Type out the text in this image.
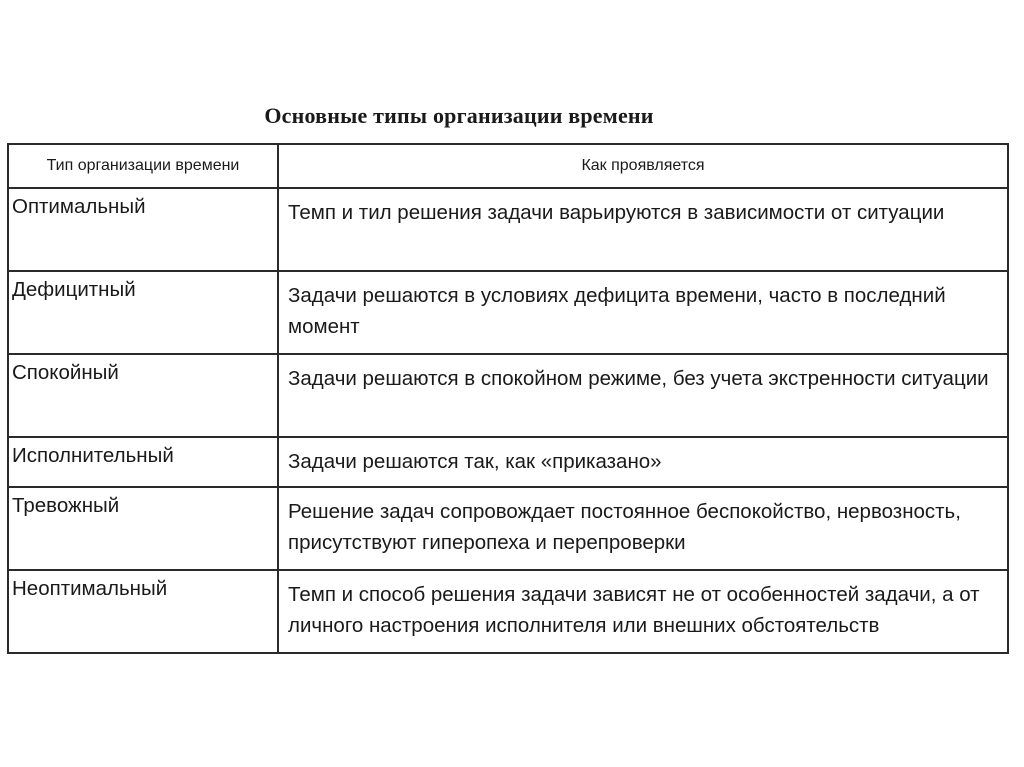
Основные типы организации времени
Тип организации времени	Как проявляется
Оптимальный	Темп и тил решения задачи варьируются в зависимости от ситуации
Дефицитный	Задачи решаются в условиях дефицита времени, часто в последний момент
Спокойный	Задачи решаются в спокойном режиме, без учета экстренности ситуации
Исполнительный	Задачи решаются так, как «приказано»
Тревожный	Решение задач сопровождает постоянное беспокойство, нервозность, присутствуют гиперопеха и перепроверки
Неоптимальный	Темп и способ решения задачи зависят не от особенностей задачи, а от личного настроения исполнителя или внешних обстоятельств
